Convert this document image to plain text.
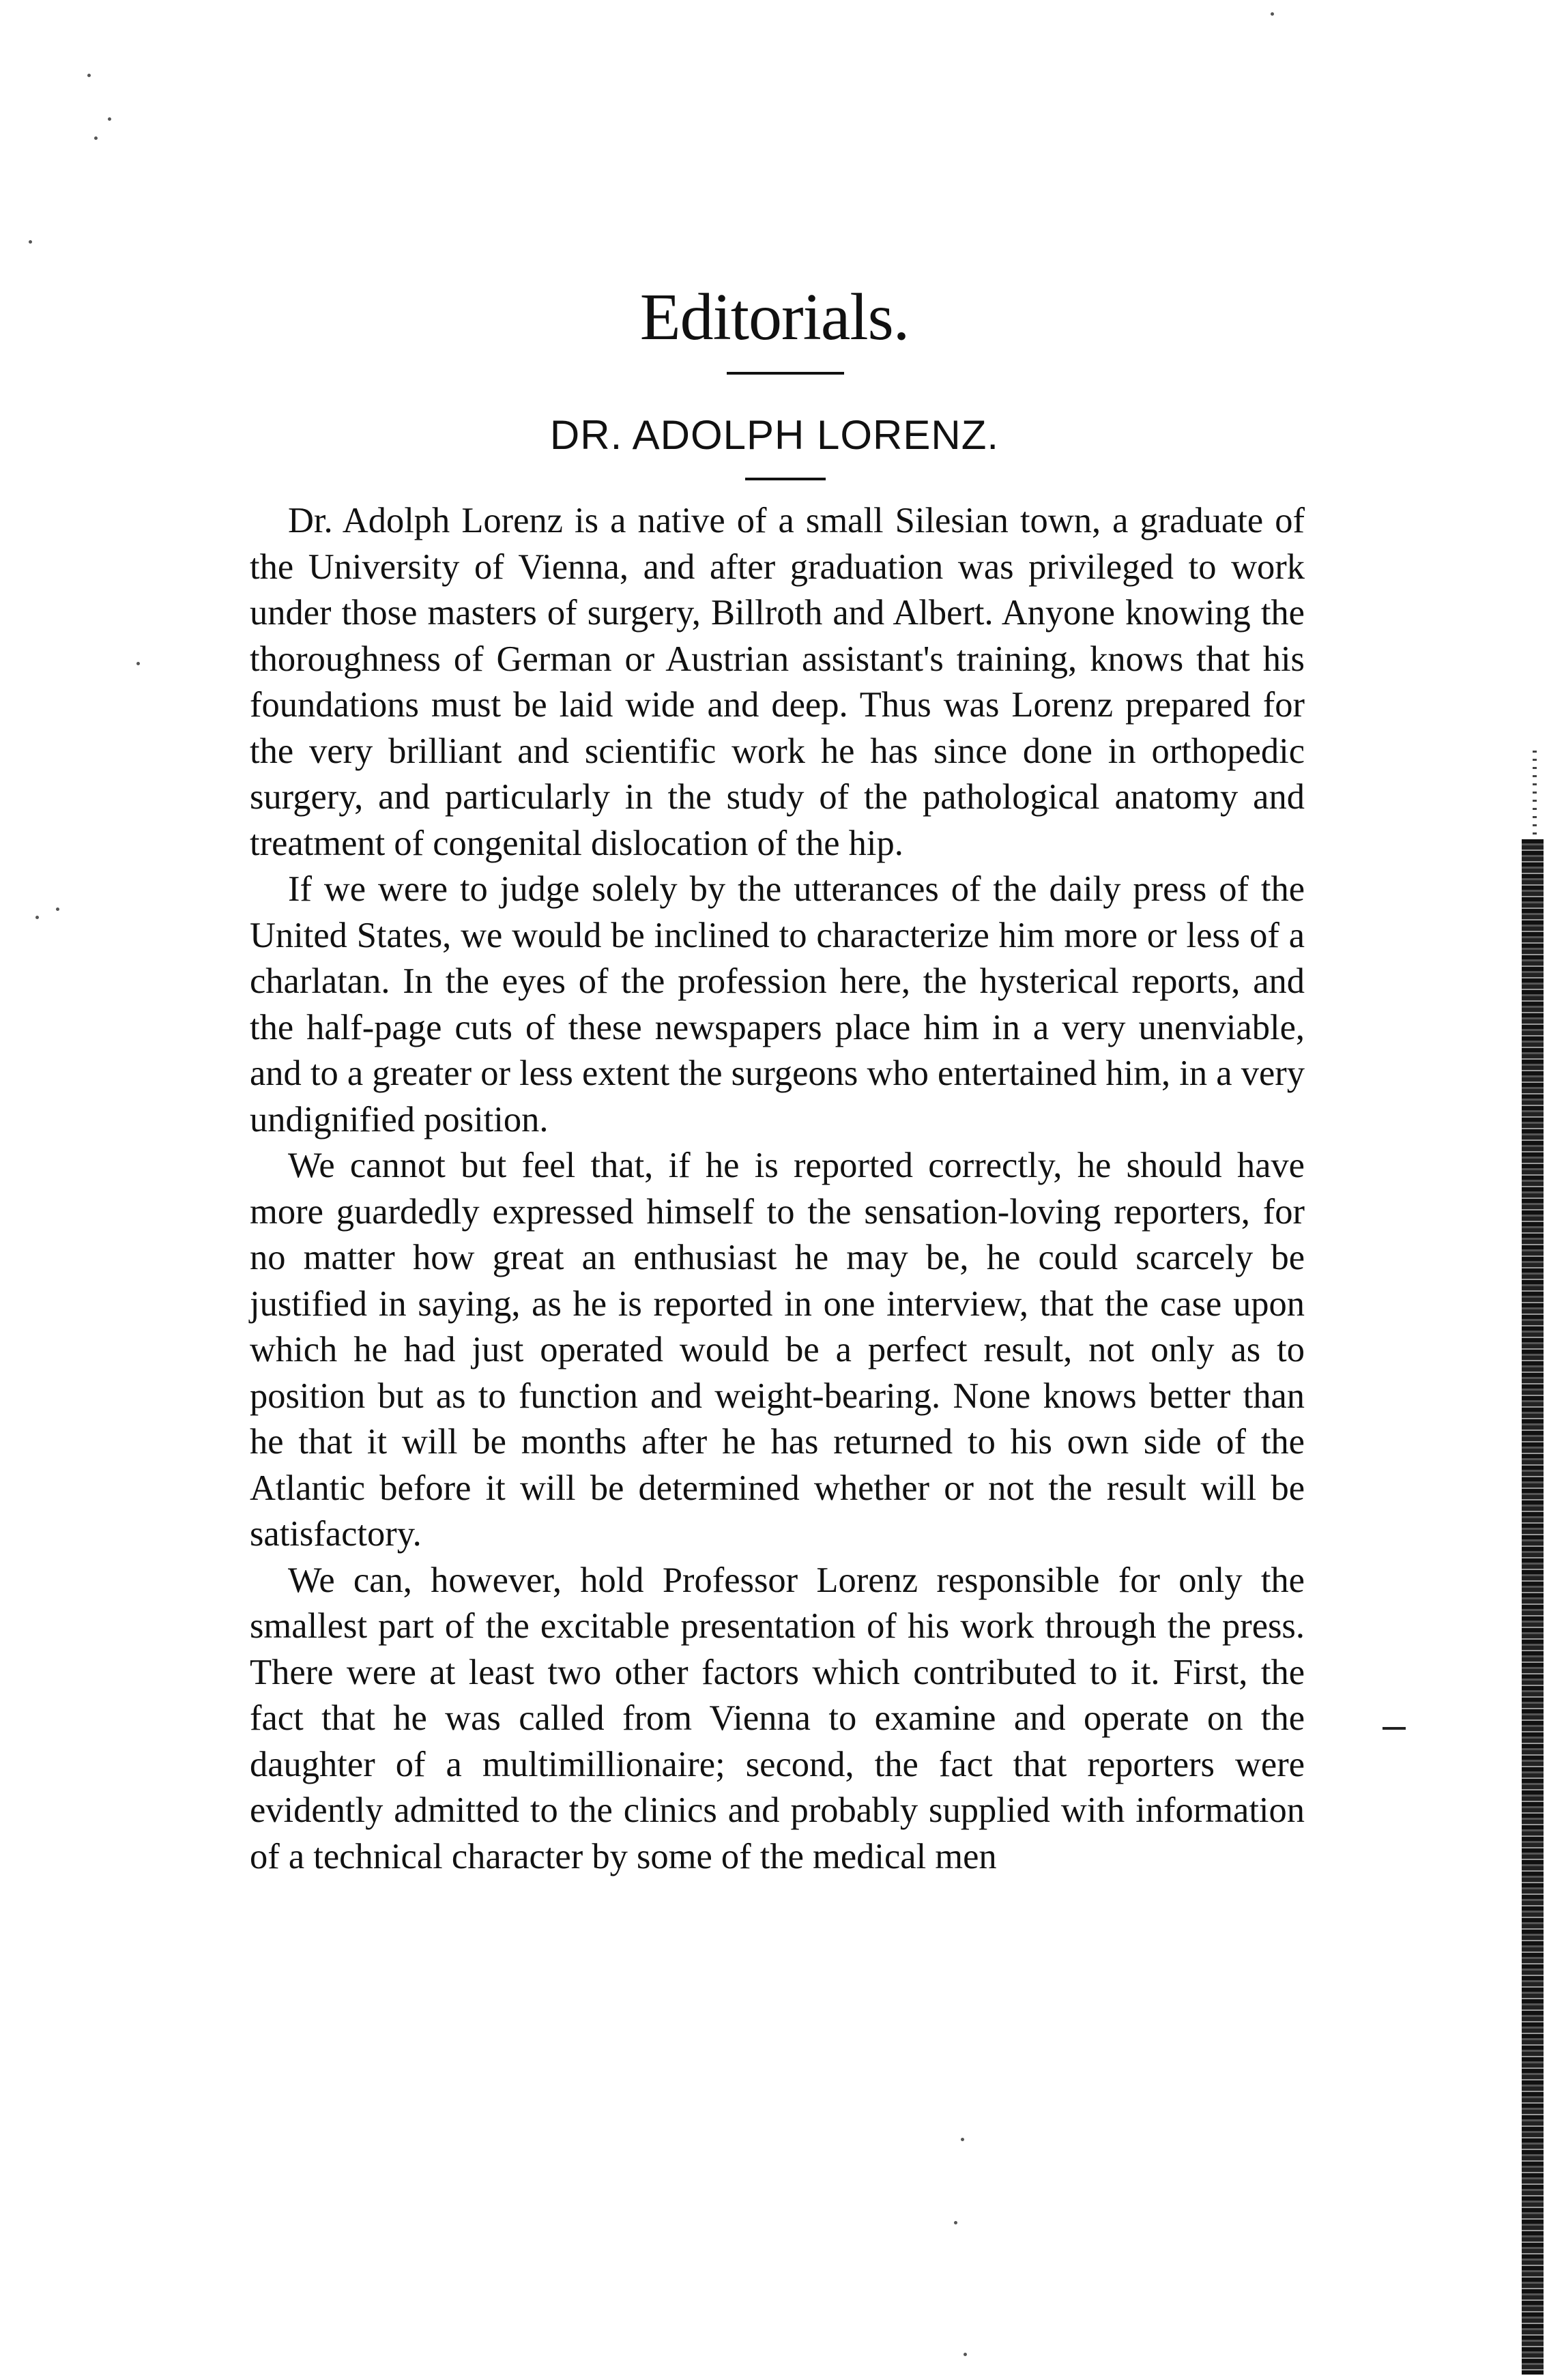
Editorials.
DR. ADOLPH LORENZ.

Dr. Adolph Lorenz is a native of a small Silesian town, a graduate of the University of Vienna, and after graduation was privileged to work under those masters of surgery, Billroth and Albert. Anyone knowing the thoroughness of German or Austrian assistant's training, knows that his foundations must be laid wide and deep. Thus was Lorenz prepared for the very brilliant and scientific work he has since done in orthopedic surgery, and particularly in the study of the pathological anatomy and treatment of congenital dislocation of the hip.

If we were to judge solely by the utterances of the daily press of the United States, we would be inclined to characterize him more or less of a charlatan. In the eyes of the profession here, the hysterical reports, and the half-page cuts of these newspapers place him in a very unenviable, and to a greater or less extent the surgeons who entertained him, in a very undignified position.

We cannot but feel that, if he is reported correctly, he should have more guardedly expressed himself to the sensation-loving reporters, for no matter how great an enthusiast he may be, he could scarcely be justified in saying, as he is reported in one interview, that the case upon which he had just operated would be a perfect result, not only as to position but as to function and weight-bearing. None knows better than he that it will be months after he has returned to his own side of the Atlantic before it will be determined whether or not the result will be satisfactory.

We can, however, hold Professor Lorenz responsible for only the smallest part of the excitable presentation of his work through the press. There were at least two other factors which contributed to it. First, the fact that he was called from Vienna to examine and operate on the daughter of a multimillionaire; second, the fact that reporters were evidently admitted to the clinics and probably supplied with information of a technical character by some of the medical men
